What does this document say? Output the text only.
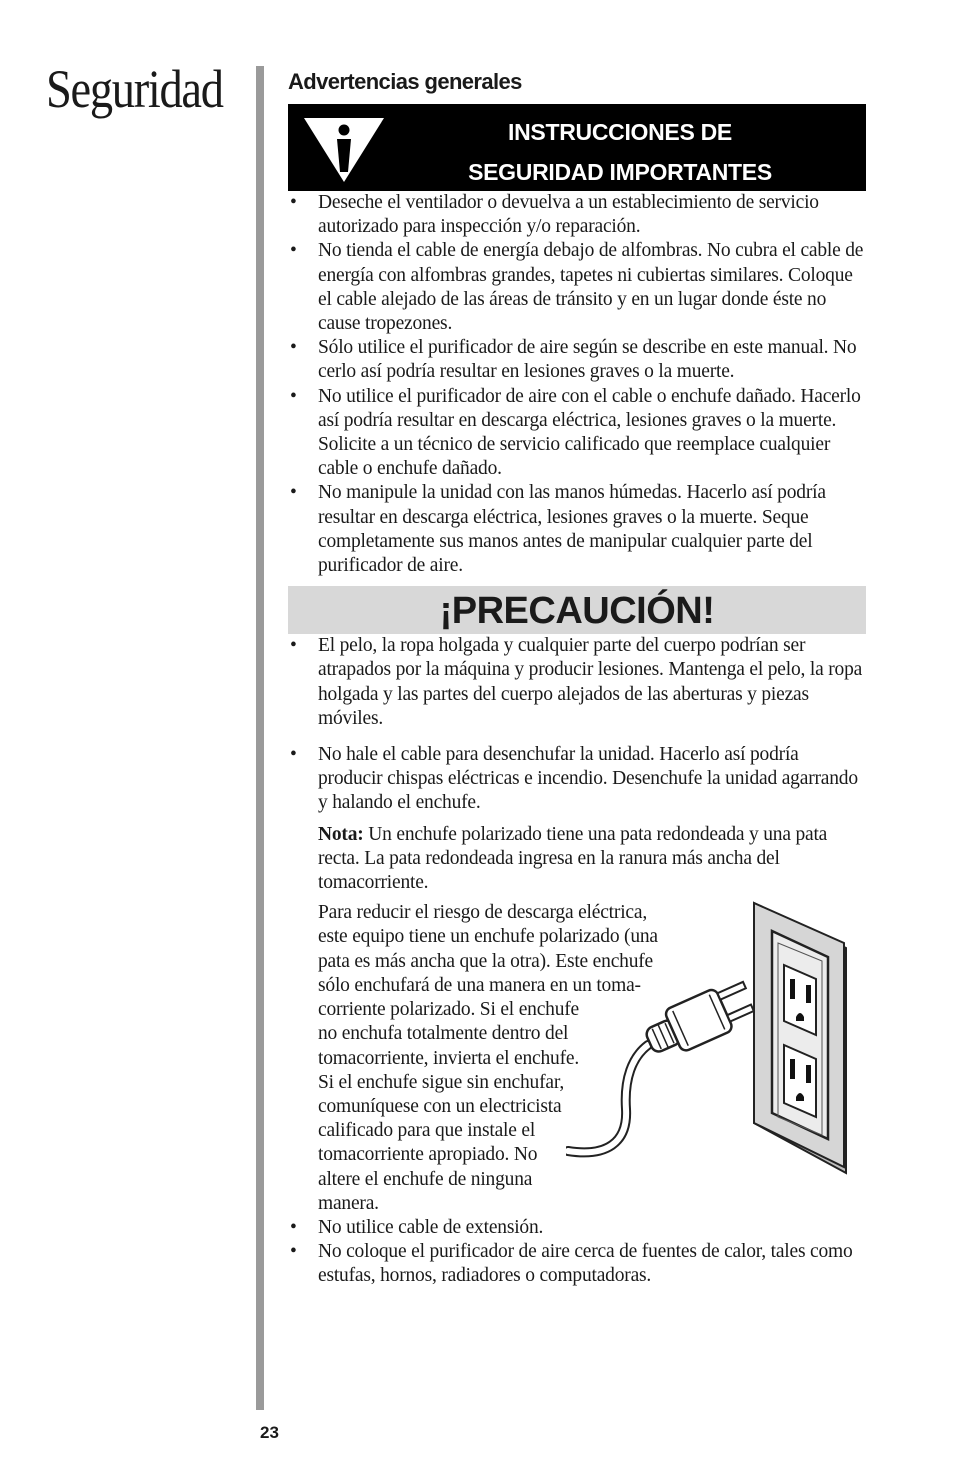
Seguridad	Advertencias generales
INSTRUCCIONES DE
SEGURIDAD IMPORTANTES
• Deseche el ventilador o devuelva a un establecimiento de servicio autorizado para inspección y/o reparación.
• No tienda el cable de energía debajo de alfombras. No cubra el cable de energía con alfombras grandes, tapetes ni cubiertas similares. Coloque el cable alejado de las áreas de tránsito y en un lugar donde éste no cause tropezones.
• Sólo utilice el purificador de aire según se describe en este manual. No cerlo así podría resultar en lesiones graves o la muerte.
• No utilice el purificador de aire con el cable o enchufe dañado. Hacerlo así podría resultar en descarga eléctrica, lesiones graves o la muerte. Solicite a un técnico de servicio calificado que reemplace cualquier cable o enchufe dañado.
• No manipule la unidad con las manos húmedas. Hacerlo así podría resultar en descarga eléctrica, lesiones graves o la muerte. Seque completamente sus manos antes de manipular cualquier parte del purificador de aire.
¡PRECAUCIÓN!
• El pelo, la ropa holgada y cualquier parte del cuerpo podrían ser atrapados por la máquina y producir lesiones. Mantenga el pelo, la ropa holgada y las partes del cuerpo alejados de las aberturas y piezas móviles.
• No hale el cable para desenchufar la unidad. Hacerlo así podría producir chispas eléctricas e incendio. Desenchufe la unidad agarrando y halando el enchufe.

Nota: Un enchufe polarizado tiene una pata redondeada y una pata recta. La pata redondeada ingresa en la ranura más ancha del tomacorriente.

Para reducir el riesgo de descarga eléctrica,
este equipo tiene un enchufe polarizado (una
pata es más ancha que la otra). Este enchufe
sólo enchufará de una manera en un toma-
corriente polarizado. Si el enchufe
no enchufa totalmente dentro del
tomacorriente, invierta el enchufe.
Si el enchufe sigue sin enchufar,
comuníquese con un electricista
calificado para que instale el
tomacorriente apropiado. No
altere el enchufe de ninguna
manera.
• No utilice cable de extensión.
• No coloque el purificador de aire cerca de fuentes de calor, tales como estufas, hornos, radiadores o computadoras.
23
